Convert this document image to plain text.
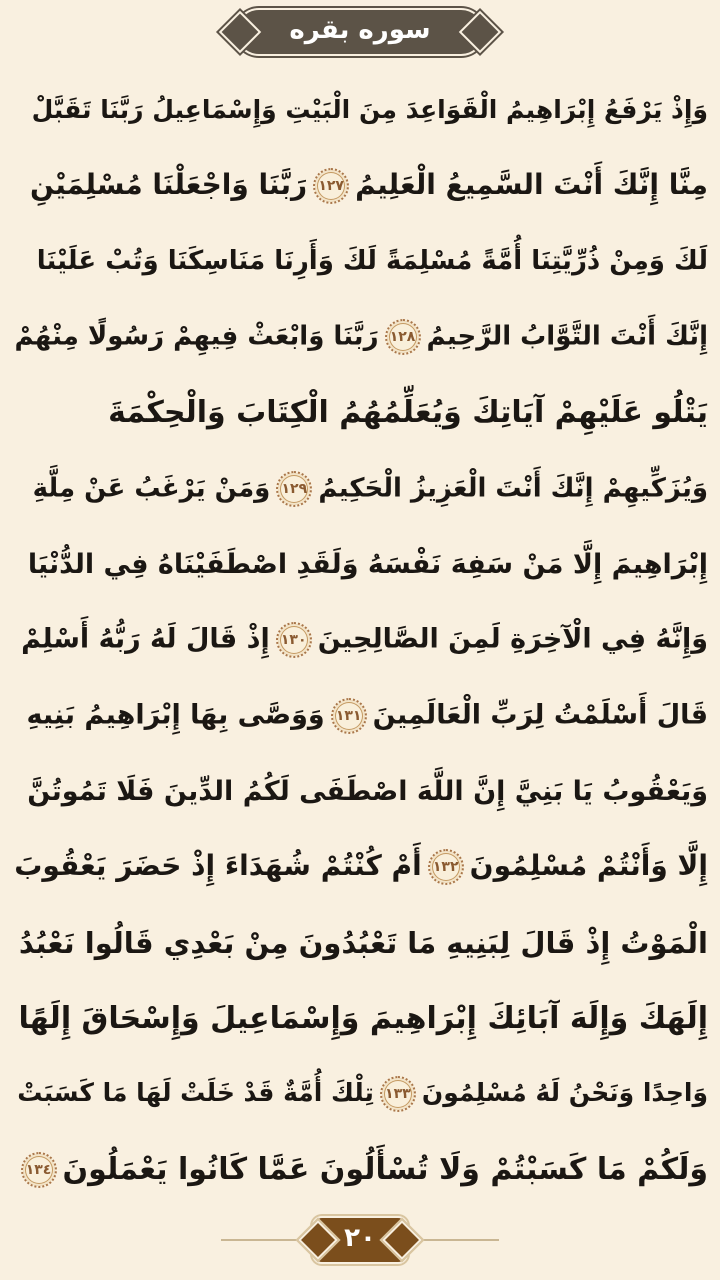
سوره بقره
وَإِذْ يَرْفَعُ إِبْرَاهِيمُ الْقَوَاعِدَ مِنَ الْبَيْتِ وَإِسْمَاعِيلُ رَبَّنَا تَقَبَّلْ
مِنَّا إِنَّكَ أَنْتَ السَّمِيعُ الْعَلِيمُ١٢٧رَبَّنَا وَاجْعَلْنَا مُسْلِمَيْنِ
لَكَ وَمِنْ ذُرِّيَّتِنَا أُمَّةً مُسْلِمَةً لَكَ وَأَرِنَا مَنَاسِكَنَا وَتُبْ عَلَيْنَا
إِنَّكَ أَنْتَ التَّوَّابُ الرَّحِيمُ١٢٨رَبَّنَا وَابْعَثْ فِيهِمْ رَسُولًا مِنْهُمْ
يَتْلُو عَلَيْهِمْ آيَاتِكَ وَيُعَلِّمُهُمُ الْكِتَابَ وَالْحِكْمَةَ
وَيُزَكِّيهِمْ إِنَّكَ أَنْتَ الْعَزِيزُ الْحَكِيمُ١٢٩وَمَنْ يَرْغَبُ عَنْ مِلَّةِ
إِبْرَاهِيمَ إِلَّا مَنْ سَفِهَ نَفْسَهُ وَلَقَدِ اصْطَفَيْنَاهُ فِي الدُّنْيَا
وَإِنَّهُ فِي الْآخِرَةِ لَمِنَ الصَّالِحِينَ١٣٠إِذْ قَالَ لَهُ رَبُّهُ أَسْلِمْ
قَالَ أَسْلَمْتُ لِرَبِّ الْعَالَمِينَ١٣١وَوَصَّى بِهَا إِبْرَاهِيمُ بَنِيهِ
وَيَعْقُوبُ يَا بَنِيَّ إِنَّ اللَّهَ اصْطَفَى لَكُمُ الدِّينَ فَلَا تَمُوتُنَّ
إِلَّا وَأَنْتُمْ مُسْلِمُونَ١٣٢أَمْ كُنْتُمْ شُهَدَاءَ إِذْ حَضَرَ يَعْقُوبَ
الْمَوْتُ إِذْ قَالَ لِبَنِيهِ مَا تَعْبُدُونَ مِنْ بَعْدِي قَالُوا نَعْبُدُ
إِلَهَكَ وَإِلَهَ آبَائِكَ إِبْرَاهِيمَ وَإِسْمَاعِيلَ وَإِسْحَاقَ إِلَهًا
وَاحِدًا وَنَحْنُ لَهُ مُسْلِمُونَ١٣٣تِلْكَ أُمَّةٌ قَدْ خَلَتْ لَهَا مَا كَسَبَتْ
وَلَكُمْ مَا كَسَبْتُمْ وَلَا تُسْأَلُونَ عَمَّا كَانُوا يَعْمَلُونَ١٣٤
٢٠
